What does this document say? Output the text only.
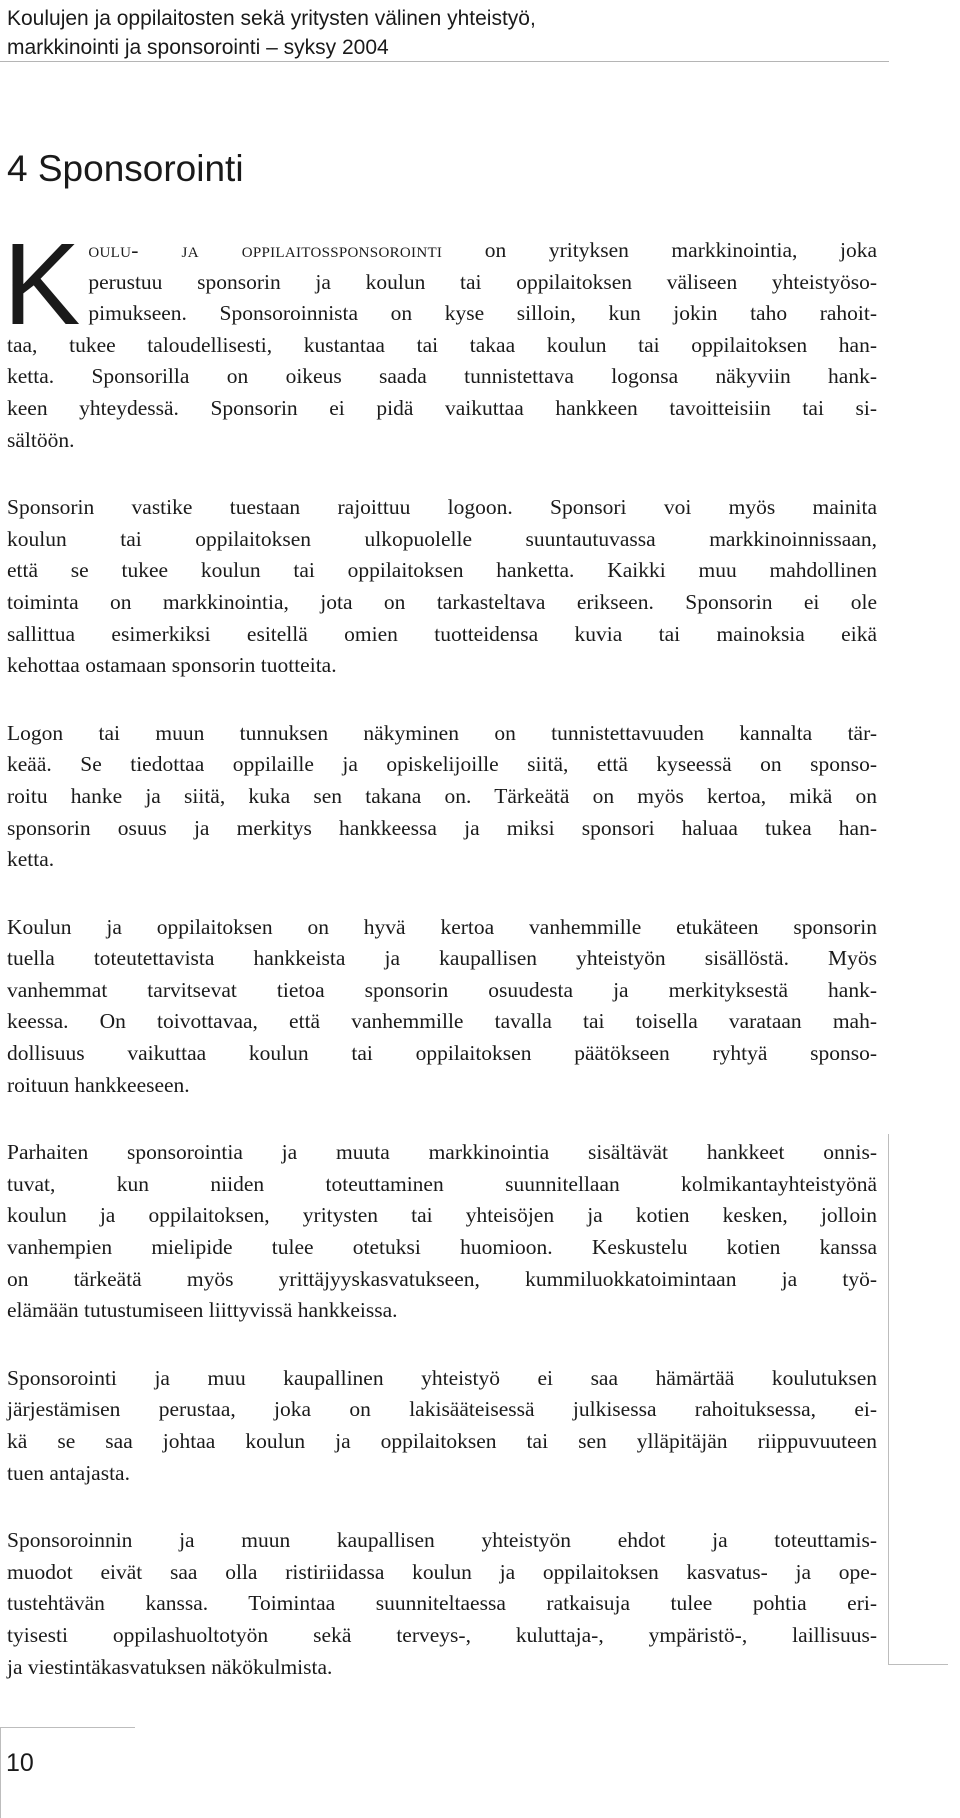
Koulujen ja oppilaitosten sekä yritysten välinen yhteistyö,
markkinointi ja sponsorointi – syksy 2004
4 Sponsorointi

K oulu- ja oppilaitossponsorointi on yrityksen markkinointia, joka
perustuu sponsorin ja koulun tai oppilaitoksen väliseen yhteistyöso-
pimukseen. Sponsoroinnista on kyse silloin, kun jokin taho rahoit-
taa, tukee taloudellisesti, kustantaa tai takaa koulun tai oppilaitoksen han-
ketta. Sponsorilla on oikeus saada tunnistettava logonsa näkyviin hank-
keen yhteydessä. Sponsorin ei pidä vaikuttaa hankkeen tavoitteisiin tai si-
sältöön.

Sponsorin vastike tuestaan rajoittuu logoon. Sponsori voi myös mainita
koulun tai oppilaitoksen ulkopuolelle suuntautuvassa markkinoinnissaan,
että se tukee koulun tai oppilaitoksen hanketta. Kaikki muu mahdollinen
toiminta on markkinointia, jota on tarkasteltava erikseen. Sponsorin ei ole
sallittua esimerkiksi esitellä omien tuotteidensa kuvia tai mainoksia eikä
kehottaa ostamaan sponsorin tuotteita.

Logon tai muun tunnuksen näkyminen on tunnistettavuuden kannalta tär-
keää. Se tiedottaa oppilaille ja opiskelijoille siitä, että kyseessä on sponso-
roitu hanke ja siitä, kuka sen takana on. Tärkeätä on myös kertoa, mikä on
sponsorin osuus ja merkitys hankkeessa ja miksi sponsori haluaa tukea han-
ketta.

Koulun ja oppilaitoksen on hyvä kertoa vanhemmille etukäteen sponsorin
tuella toteutettavista hankkeista ja kaupallisen yhteistyön sisällöstä. Myös
vanhemmat tarvitsevat tietoa sponsorin osuudesta ja merkityksestä hank-
keessa. On toivottavaa, että vanhemmille tavalla tai toisella varataan mah-
dollisuus vaikuttaa koulun tai oppilaitoksen päätökseen ryhtyä sponso-
roituun hankkeeseen.

Parhaiten sponsorointia ja muuta markkinointia sisältävät hankkeet onnis-
tuvat, kun niiden toteuttaminen suunnitellaan kolmikantayhteistyönä
koulun ja oppilaitoksen, yritysten tai yhteisöjen ja kotien kesken, jolloin
vanhempien mielipide tulee otetuksi huomioon. Keskustelu kotien kanssa
on tärkeätä myös yrittäjyyskasvatukseen, kummiluokkatoimintaan ja työ-
elämään tutustumiseen liittyvissä hankkeissa.

Sponsorointi ja muu kaupallinen yhteistyö ei saa hämärtää koulutuksen
järjestämisen perustaa, joka on lakisääteisessä julkisessa rahoituksessa, ei-
kä se saa johtaa koulun ja oppilaitoksen tai sen ylläpitäjän riippuvuuteen
tuen antajasta.

Sponsoroinnin ja muun kaupallisen yhteistyön ehdot ja toteuttamis-
muodot eivät saa olla ristiriidassa koulun ja oppilaitoksen kasvatus- ja ope-
tustehtävän kanssa. Toimintaa suunniteltaessa ratkaisuja tulee pohtia eri-
tyisesti oppilashuoltotyön sekä terveys-, kuluttaja-, ympäristö-, laillisuus-
ja viestintäkasvatuksen näkökulmista.

10
